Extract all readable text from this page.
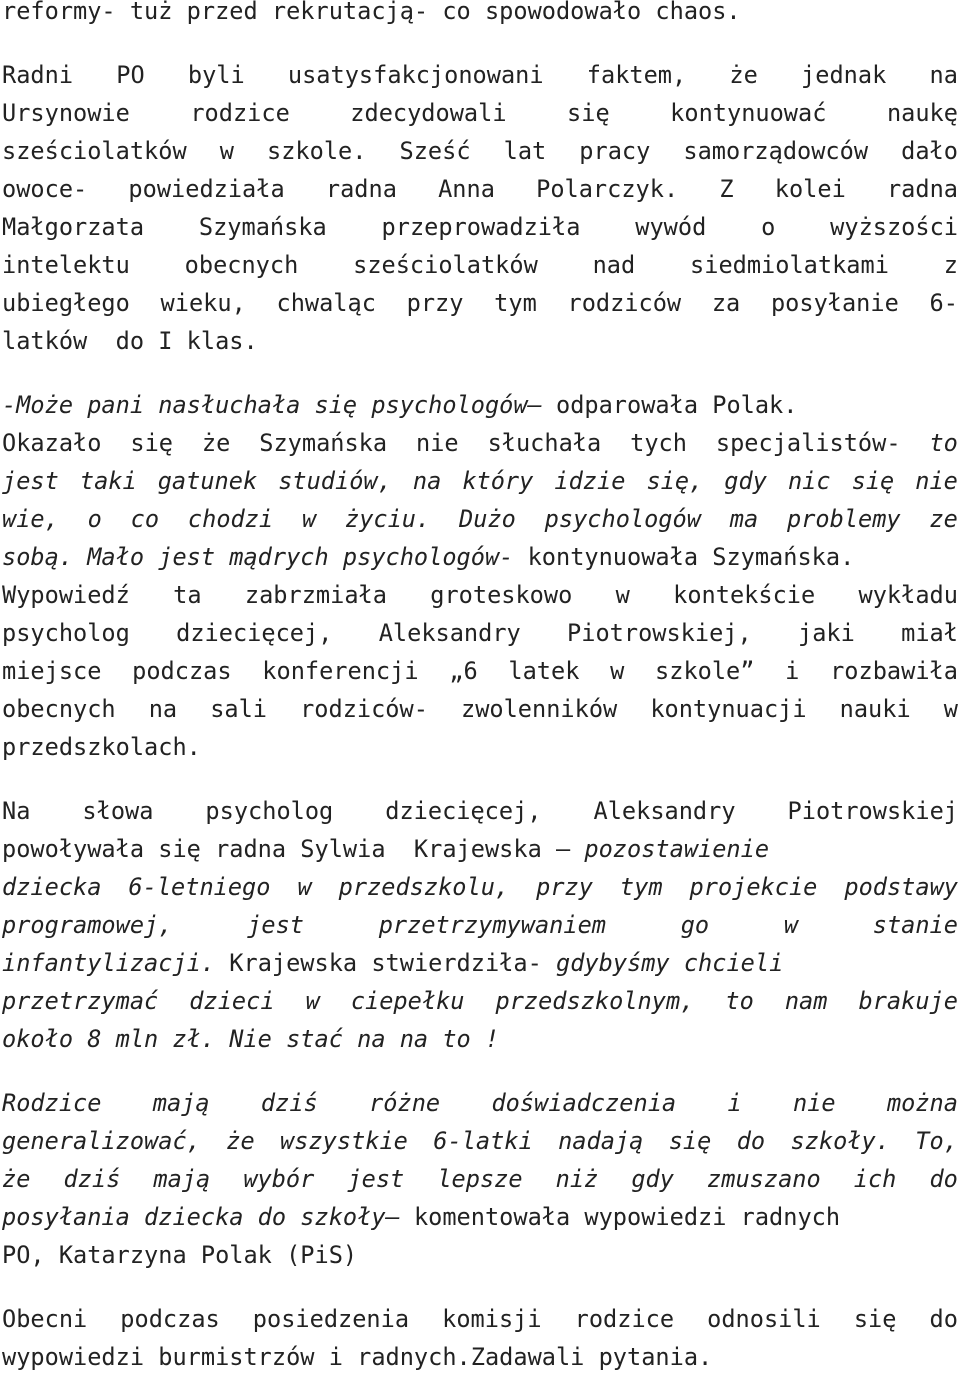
reformy- tuż przed rekrutacją- co spowodowało chaos.
Radni PO byli usatysfakcjonowani faktem, że jednak na
Ursynowie	rodzice	zdecydowali	się	kontynuować	naukę
sześciolatków w szkole. Sześć lat pracy samorządowców dało
owoce- powiedziała radna Anna Polarczyk. Z kolei radna
Małgorzata Szymańska przeprowadziła wywód o wyższości
intelektu obecnych sześciolatków nad siedmiolatkami z
ubiegłego wieku, chwaląc przy tym rodziców za posyłanie 6-
latków  do I klas.
-Może pani nasłuchała się psychologów– odparowała Polak.
Okazało się że Szymańska nie słuchała tych specjalistów- to
jest taki gatunek studiów, na który idzie się, gdy nic się nie
wie, o co chodzi w życiu. Dużo psychologów ma problemy ze
sobą. Mało jest mądrych psychologów- kontynuowała Szymańska.
Wypowiedź ta zabrzmiała groteskowo w kontekście wykładu
psycholog dziecięcej, Aleksandry Piotrowskiej, jaki miał
miejsce podczas konferencji „6 latek w szkole” i rozbawiła
obecnych na sali rodziców- zwolenników kontynuacji nauki w
przedszkolach.
Na słowa psycholog dziecięcej, Aleksandry Piotrowskiej
powoływała się radna Sylwia  Krajewska – pozostawienie
dziecka 6-letniego w przedszkolu, przy tym projekcie podstawy
programowej,	jest	przetrzymywaniem	go	w	stanie
infantylizacji. Krajewska stwierdziła- gdybyśmy chcieli
przetrzymać dzieci w ciepełku przedszkolnym, to nam brakuje
około 8 mln zł. Nie stać na na to !
Rodzice mają dziś różne doświadczenia i nie można
generalizować, że wszystkie 6-latki nadają się do szkoły. To,
że dziś mają wybór jest lepsze niż gdy zmuszano ich do
posyłania dziecka do szkoły– komentowała wypowiedzi radnych
PO, Katarzyna Polak (PiS)
Obecni podczas posiedzenia komisji rodzice odnosili się do
wypowiedzi burmistrzów i radnych.Zadawali pytania.
